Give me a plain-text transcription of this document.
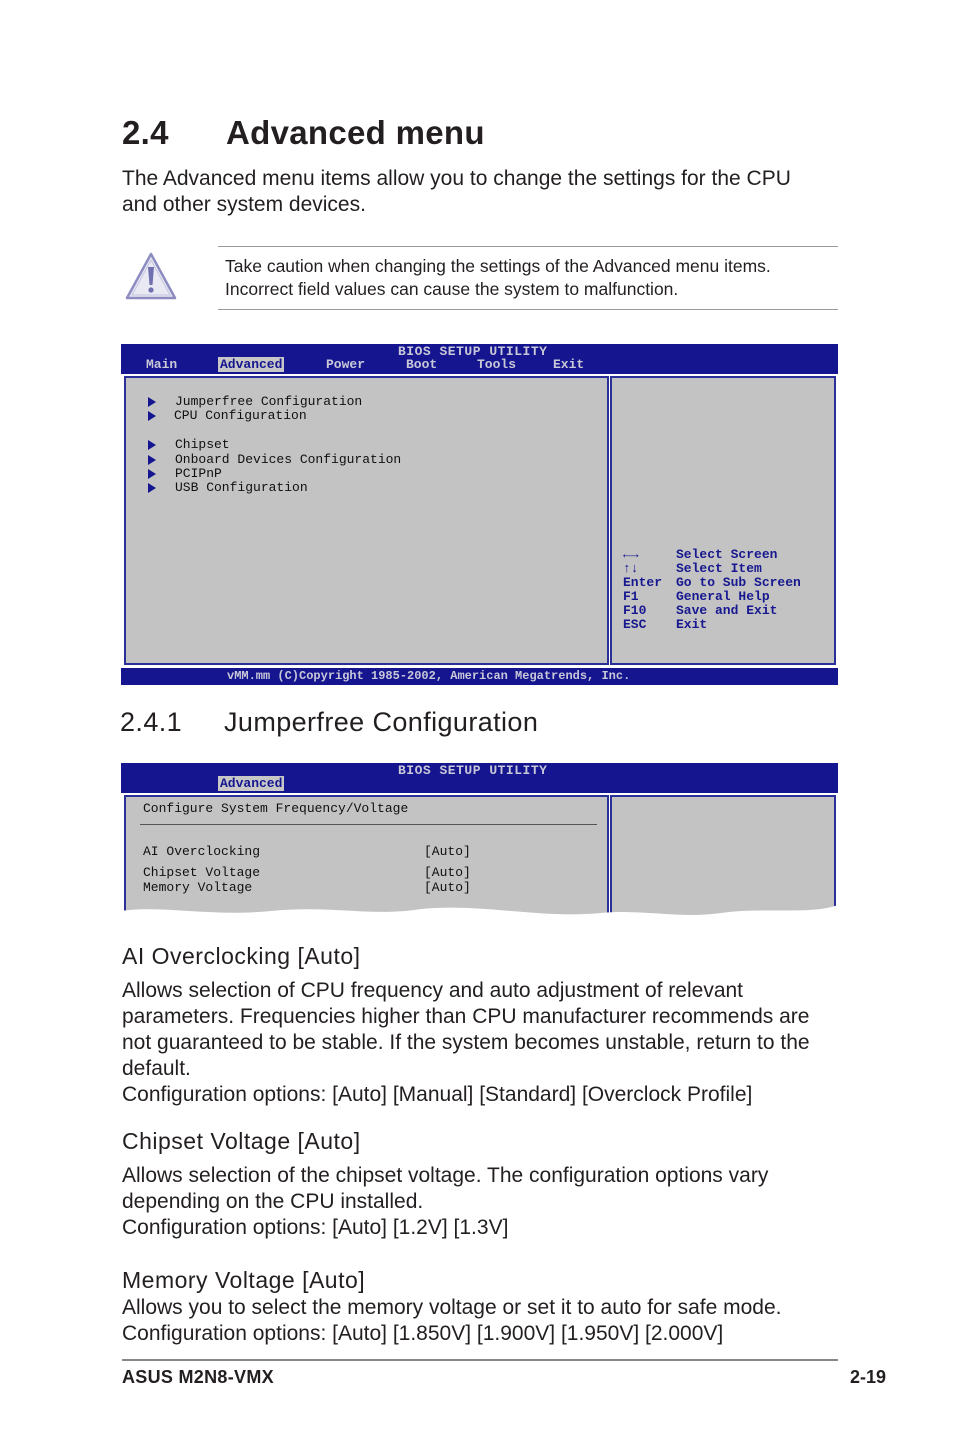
2.4 Advanced menu
The Advanced menu items allow you to change the settings for the CPU and other system devices.
Take caution when changing the settings of the Advanced menu items.
Incorrect field values can cause the system to malfunction.
BIOS SETUP UTILITY
Main	Advanced	Power	Boot	Tools	Exit
Jumperfree Configuration
CPU Configuration
Chipset
Onboard Devices Configuration
PCIPnP
USB Configuration
←→	Select Screen
↑↓	Select Item
Enter Go to Sub Screen
F1	General Help
F10 Save and Exit
ESC Exit
vMM.mm (C)Copyright 1985-2002, American Megatrends, Inc.
2.4.1 Jumperfree Configuration
BIOS SETUP UTILITY
Advanced
Configure System Frequency/Voltage
AI Overclocking	[Auto]
Chipset Voltage	[Auto]
Memory Voltage	[Auto]
AI Overclocking [Auto]
Allows selection of CPU frequency and auto adjustment of relevant
parameters. Frequencies higher than CPU manufacturer recommends are
not guaranteed to be stable. If the system becomes unstable, return to the
default.
Configuration options: [Auto] [Manual] [Standard] [Overclock Profile]
Chipset Voltage [Auto]
Allows selection of the chipset voltage. The configuration options vary
depending on the CPU installed.
Configuration options: [Auto] [1.2V] [1.3V]
Memory Voltage [Auto]
Allows you to select the memory voltage or set it to auto for safe mode.
Configuration options: [Auto] [1.850V] [1.900V] [1.950V] [2.000V]
ASUS M2N8-VMX	2-19
